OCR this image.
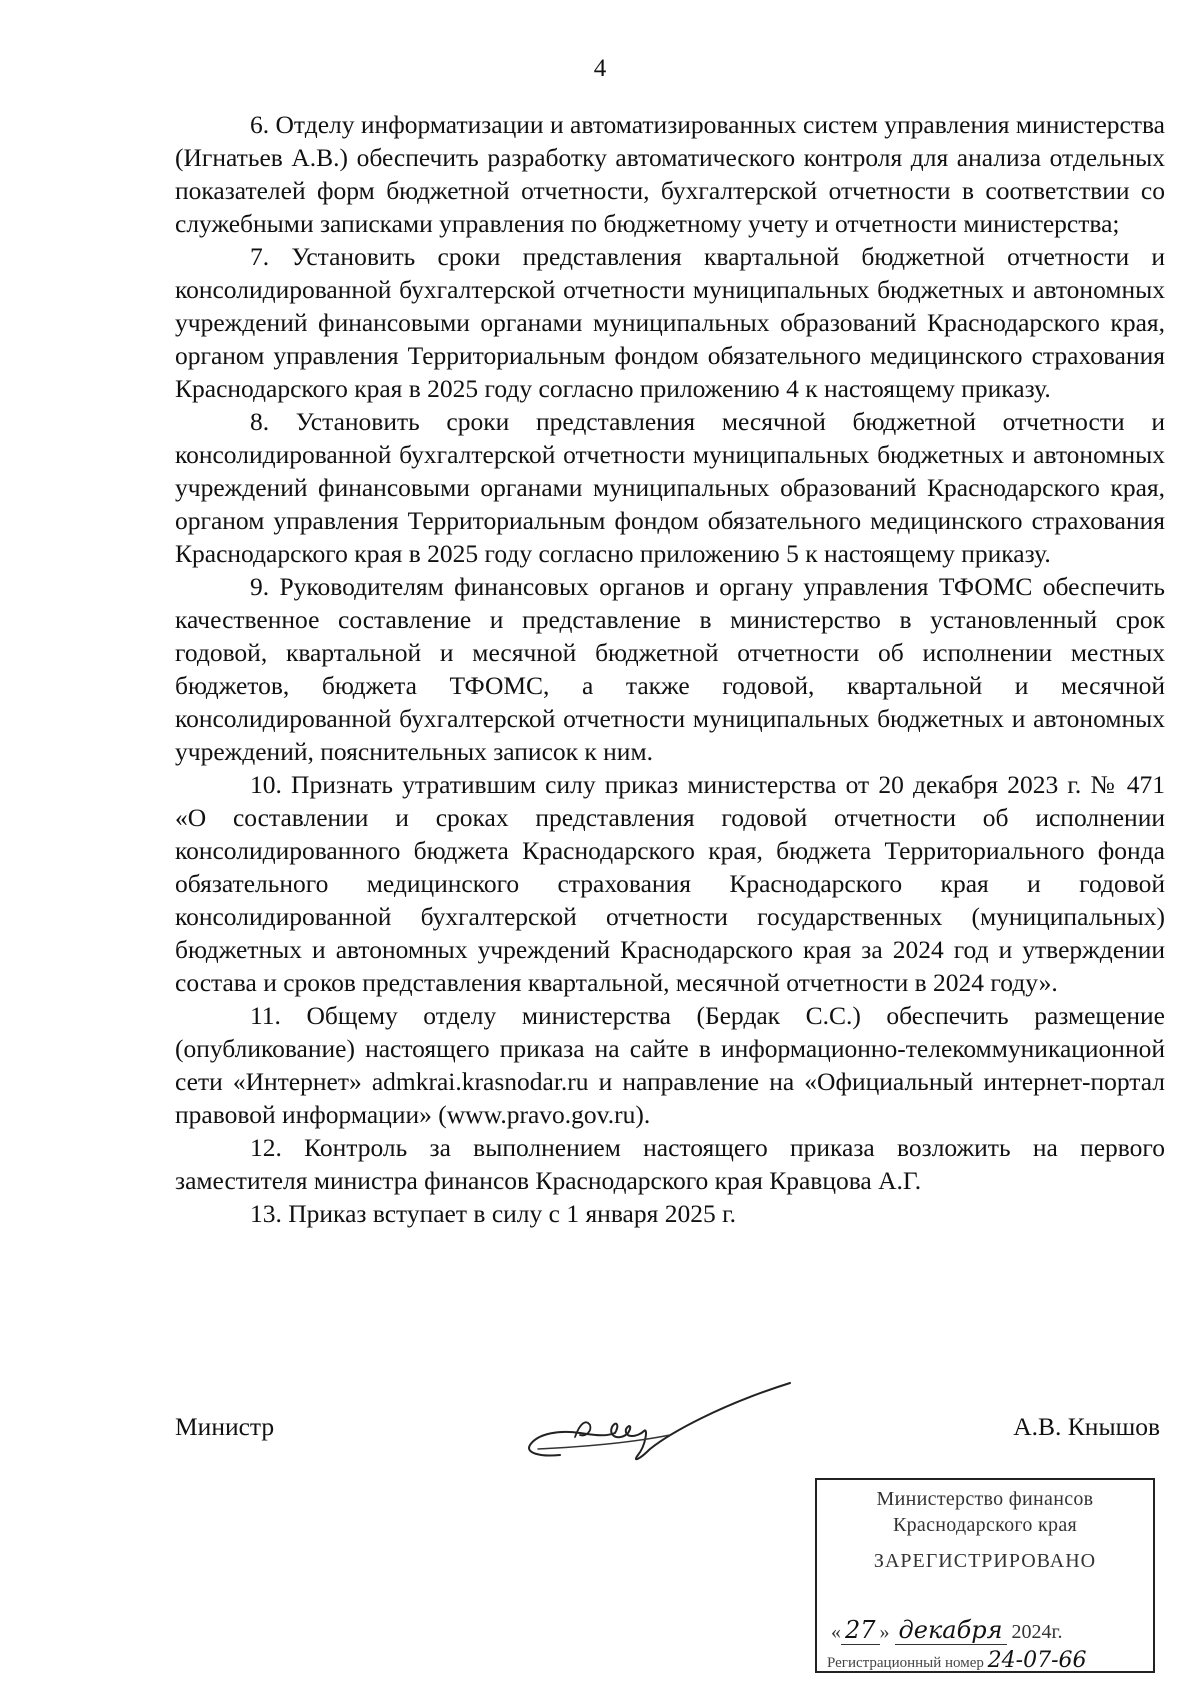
4

6. Отделу информатизации и автоматизированных систем управления министерства (Игнатьев А.В.) обеспечить разработку автоматического контроля для анализа отдельных показателей форм бюджетной отчетности, бухгалтерской отчетности в соответствии со служебными записками управления по бюджетному учету и отчетности министерства;

7. Установить сроки представления квартальной бюджетной отчетности и консолидированной бухгалтерской отчетности муниципальных бюджетных и автономных учреждений финансовыми органами муниципальных образований Краснодарского края, органом управления Территориальным фондом обязательного медицинского страхования Краснодарского края в 2025 году согласно приложению 4 к настоящему приказу.

8. Установить сроки представления месячной бюджетной отчетности и консолидированной бухгалтерской отчетности муниципальных бюджетных и автономных учреждений финансовыми органами муниципальных образований Краснодарского края, органом управления Территориальным фондом обязательного медицинского страхования Краснодарского края в 2025 году согласно приложению 5 к настоящему приказу.

9. Руководителям финансовых органов и органу управления ТФОМС обеспечить качественное составление и представление в министерство в установленный срок годовой, квартальной и месячной бюджетной отчетности об исполнении местных бюджетов, бюджета ТФОМС, а также годовой, квартальной и месячной консолидированной бухгалтерской отчетности муниципальных бюджетных и автономных учреждений, пояснительных записок к ним.

10. Признать утратившим силу приказ министерства от 20 декабря 2023 г. № 471 «О составлении и сроках представления годовой отчетности об исполнении консолидированного бюджета Краснодарского края, бюджета Территориального фонда обязательного медицинского страхования Краснодарского края и годовой консолидированной бухгалтерской отчетности государственных (муниципальных) бюджетных и автономных учреждений Краснодарского края за 2024 год и утверждении состава и сроков представления квартальной, месячной отчетности в 2024 году».

11. Общему отделу министерства (Бердак С.С.) обеспечить размещение (опубликование) настоящего приказа на сайте в информационно-телекоммуникационной сети «Интернет» admkrai.krasnodar.ru и направление на «Официальный интернет-портал правовой информации» (www.pravo.gov.ru).

12. Контроль за выполнением настоящего приказа возложить на первого заместителя министра финансов Краснодарского края Кравцова А.Г.

13. Приказ вступает в силу с 1 января 2025 г.

Министр	А.В. Кнышов
Министерство финансов
Краснодарского края
ЗАРЕГИСТРИРОВАНО
« 27 » декабря 2024г.
Регистрационный номер 24-07-66
